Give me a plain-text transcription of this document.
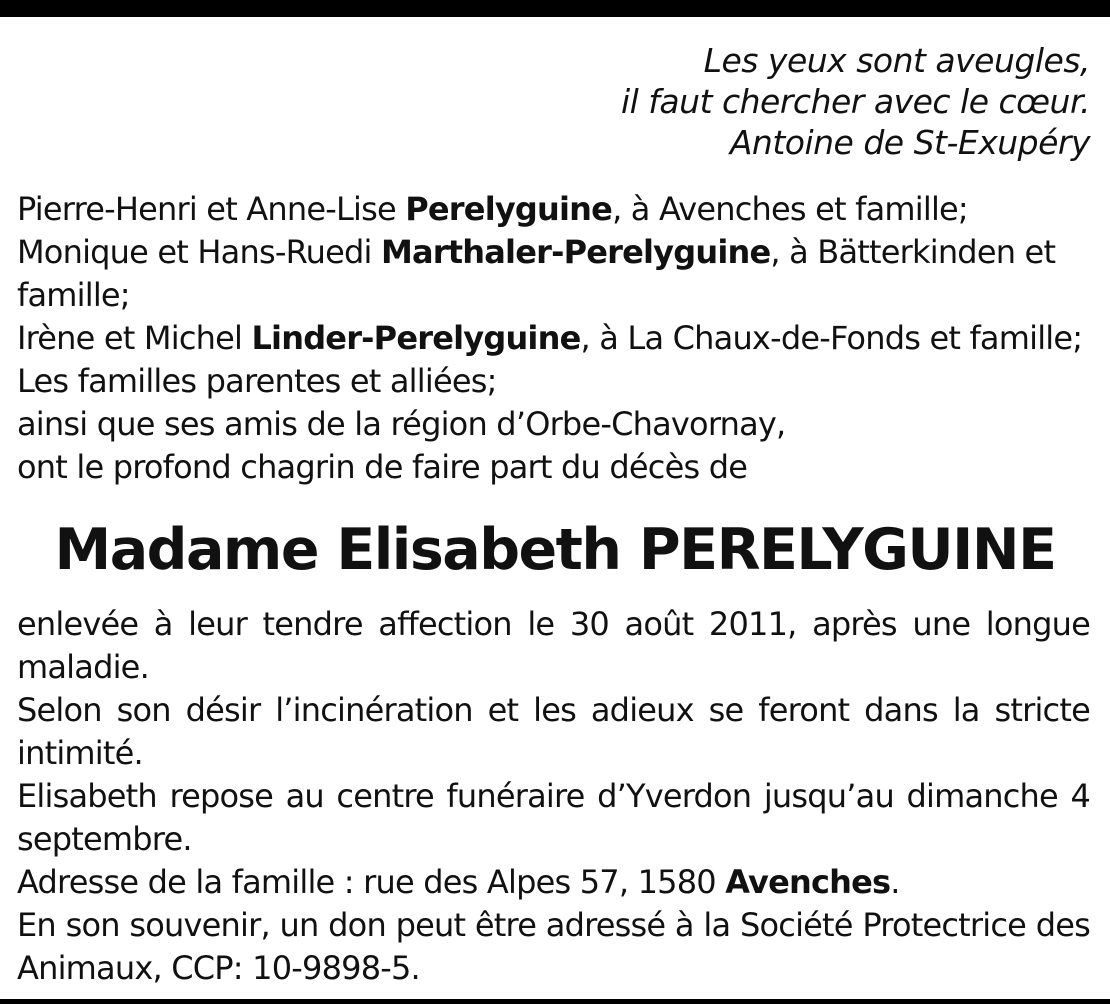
Les yeux sont aveugles,
il faut chercher avec le cœur.
Antoine de St-Exupéry
Pierre-Henri et Anne-Lise Perelyguine, à Avenches et famille;
Monique et Hans-Ruedi Marthaler-Perelyguine, à Bätterkinden et famille;
Irène et Michel Linder-Perelyguine, à La Chaux-de-Fonds et famille;
Les familles parentes et alliées;
ainsi que ses amis de la région d’Orbe-Chavornay,
ont le profond chagrin de faire part du décès de
Madame Elisabeth PERELYGUINE
enlevée à leur tendre affection le 30 août 2011, après une longue maladie.
Selon son désir l’incinération et les adieux se feront dans la stricte intimité.
Elisabeth repose au centre funéraire d’Yverdon jusqu’au dimanche 4 septembre.
Adresse de la famille : rue des Alpes 57, 1580 Avenches.
En son souvenir, un don peut être adressé à la Société Protectrice des Animaux, CCP: 10-9898-5.
